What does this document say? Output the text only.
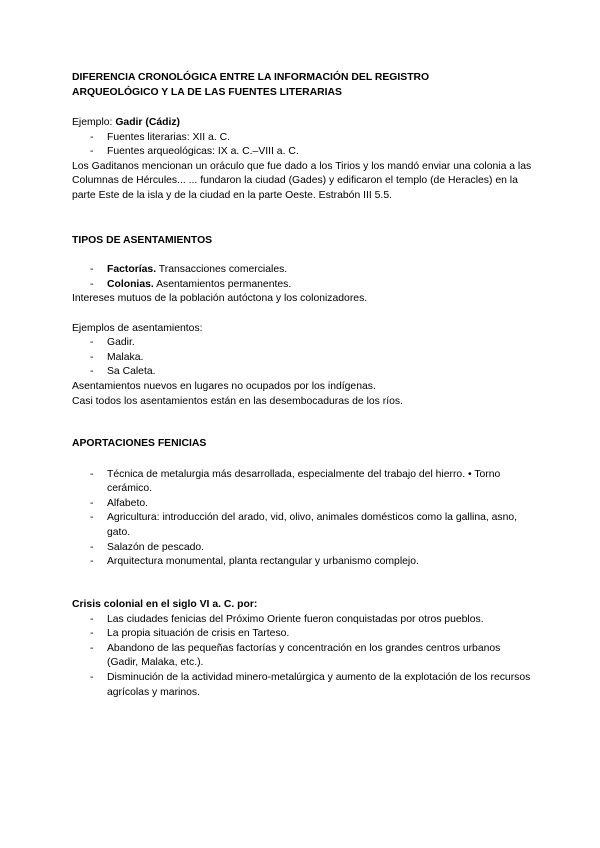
DIFERENCIA CRONOLÓGICA ENTRE LA INFORMACIÓN DEL REGISTRO

ARQUEOLÓGICO Y LA DE LAS FUENTES LITERARIAS

Ejemplo: Gadir (Cádiz)

- Fuentes literarias: XII a. C.
- Fuentes arqueológicas: IX a. C.–VIII a. C.

Los Gaditanos mencionan un oráculo que fue dado a los Tirios y los mandó enviar una colonia a las Columnas de Hércules... ... fundaron la ciudad (Gades) y edificaron el templo (de Heracles) en la parte Este de la isla y de la ciudad en la parte Oeste. Estrabón III 5.5.

TIPOS DE ASENTAMIENTOS

- Factorías. Transacciones comerciales.
- Colonias. Asentamientos permanentes.

Intereses mutuos de la población autóctona y los colonizadores.

Ejemplos de asentamientos:

- Gadir.
- Malaka.
- Sa Caleta.

Asentamientos nuevos en lugares no ocupados por los indígenas.

Casi todos los asentamientos están en las desembocaduras de los ríos.

APORTACIONES FENICIAS

- Técnica de metalurgia más desarrollada, especialmente del trabajo del hierro. • Torno cerámico.
- Alfabeto.
- Agricultura: introducción del arado, vid, olivo, animales domésticos como la gallina, asno, gato.
- Salazón de pescado.
- Arquitectura monumental, planta rectangular y urbanismo complejo.

Crisis colonial en el siglo VI a. C. por:

- Las ciudades fenicias del Próximo Oriente fueron conquistadas por otros pueblos.
- La propia situación de crisis en Tarteso.
- Abandono de las pequeñas factorías y concentración en los grandes centros urbanos (Gadir, Malaka, etc.).
- Disminución de la actividad minero-metalúrgica y aumento de la explotación de los recursos agrícolas y marinos.
